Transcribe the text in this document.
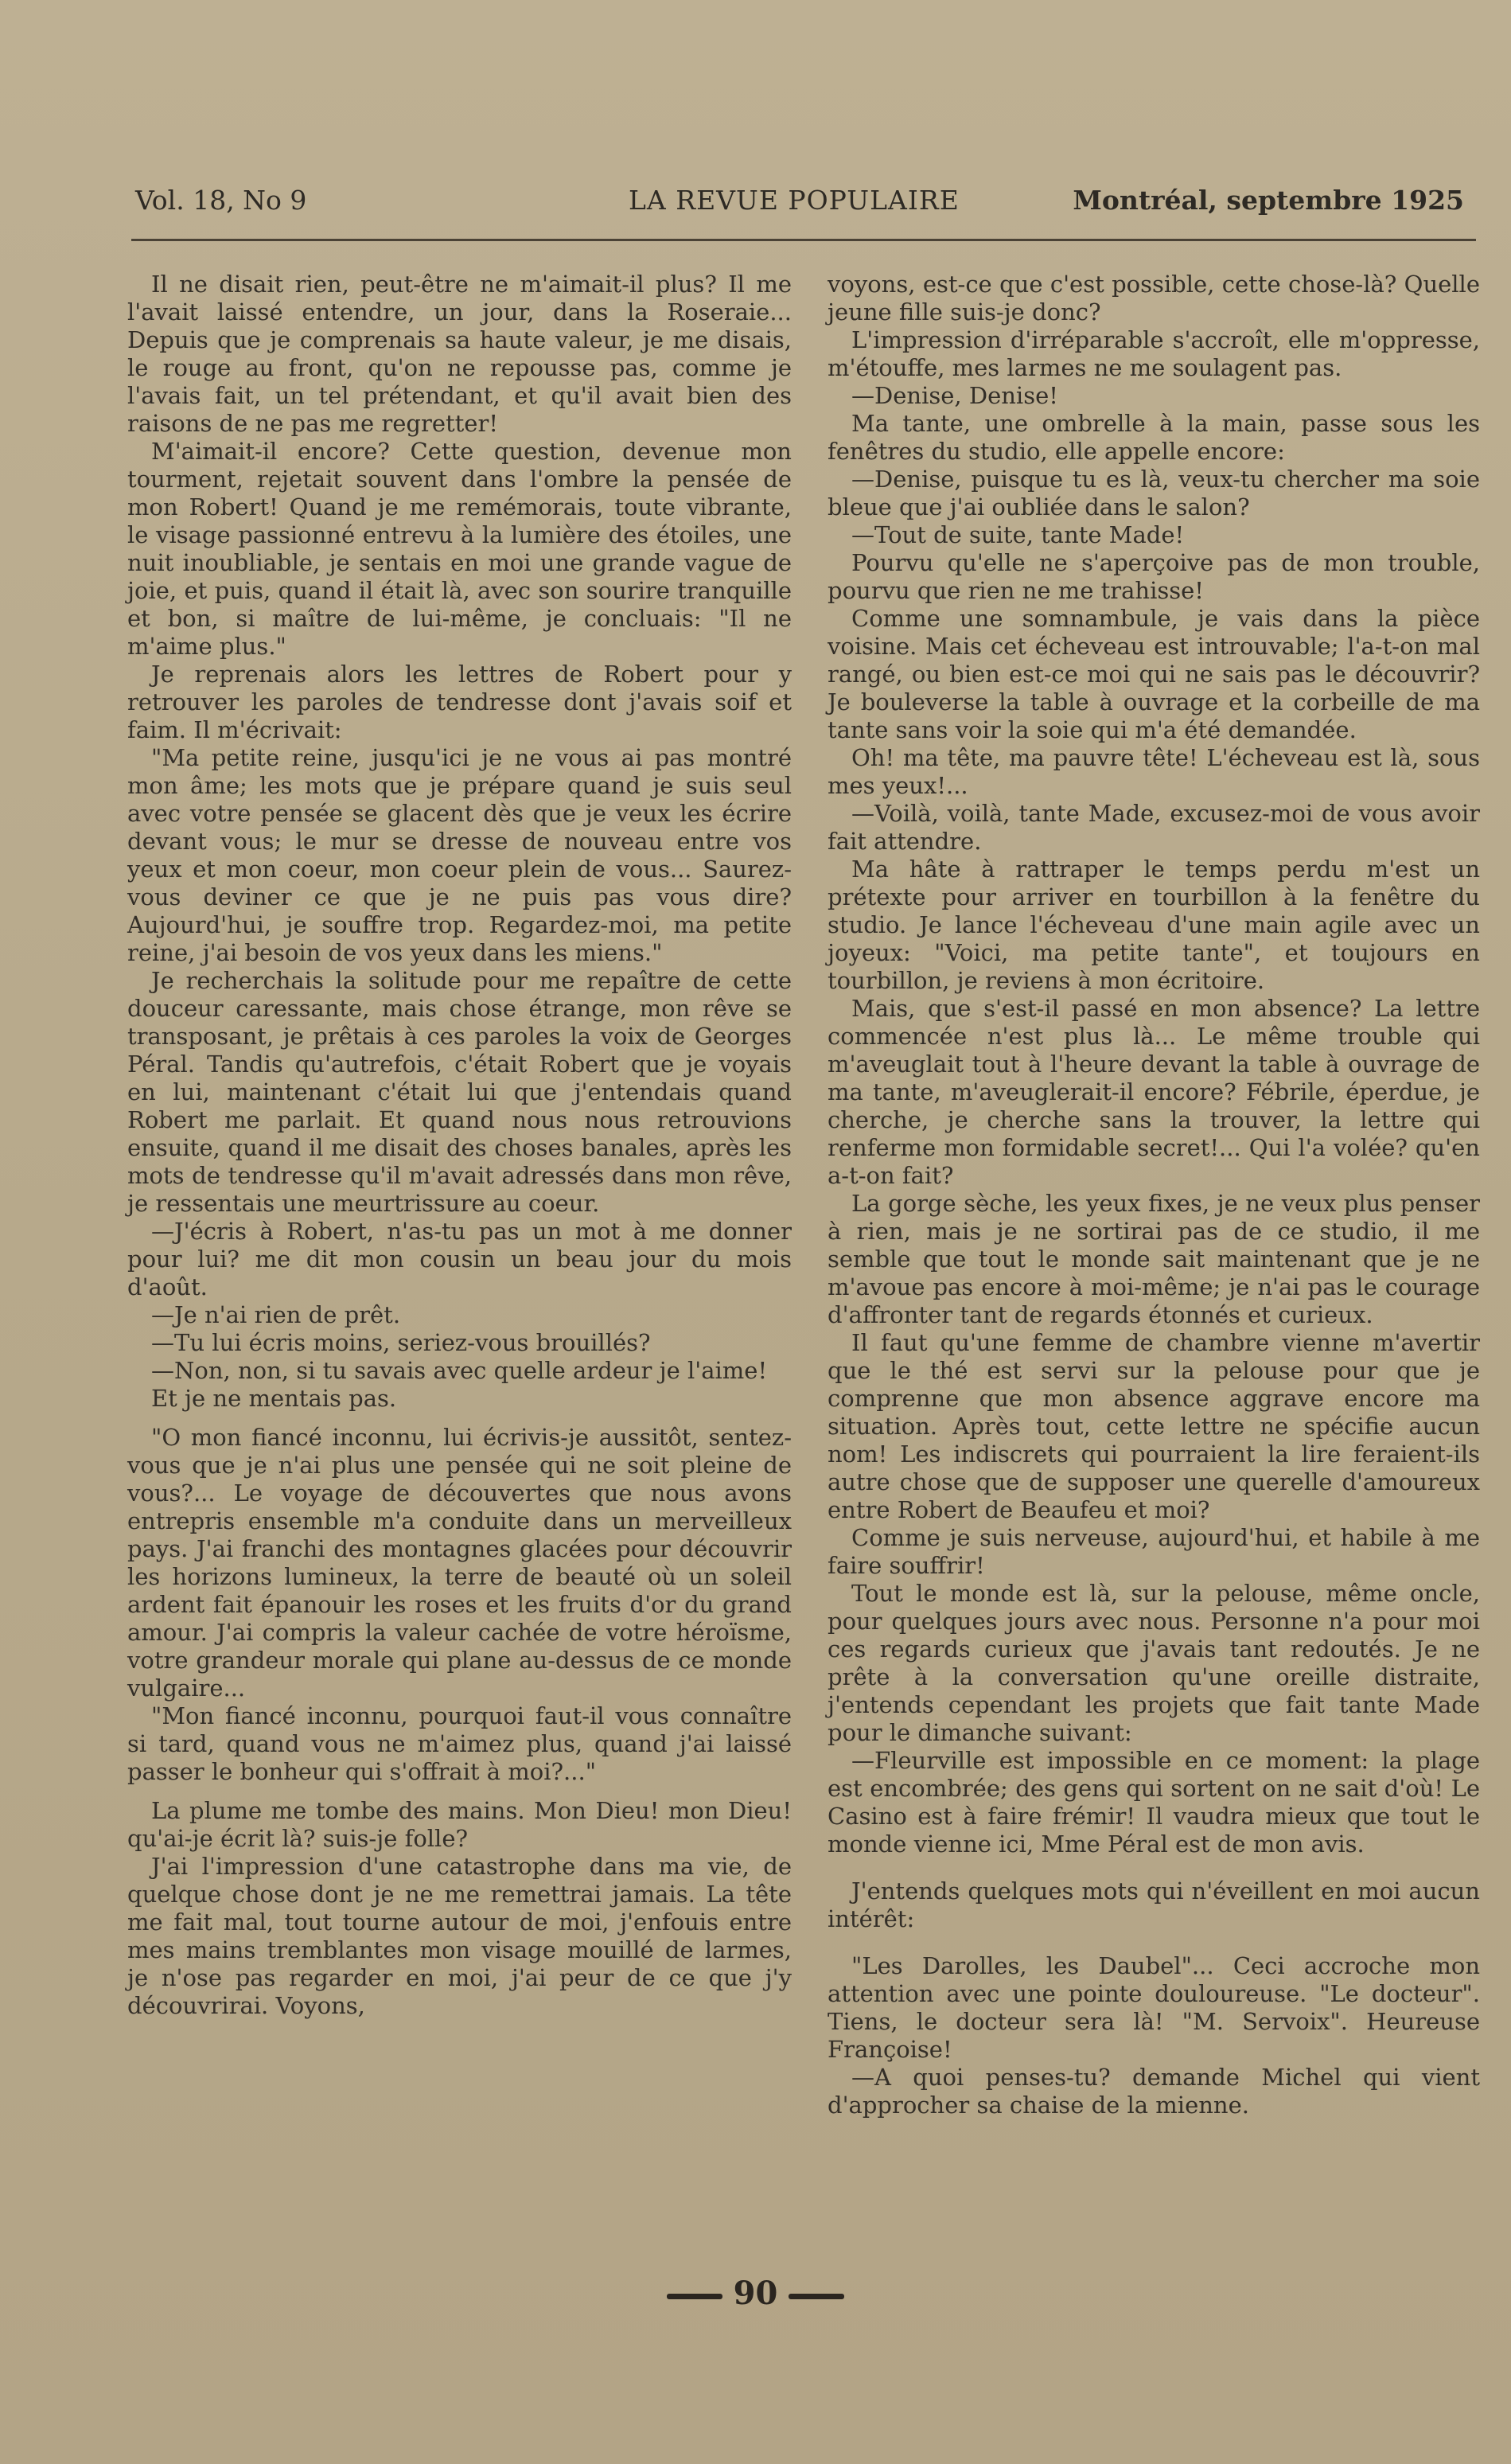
Vol. 18, No 9	LA REVUE POPULAIRE	Montréal, septembre 1925

Il ne disait rien, peut-être ne m'aimait-il plus? Il me l'avait laissé entendre, un jour, dans la Roseraie... Depuis que je comprenais sa haute valeur, je me disais, le rouge au front, qu'on ne repousse pas, comme je l'avais fait, un tel prétendant, et qu'il avait bien des raisons de ne pas me regretter!

M'aimait-il encore? Cette question, devenue mon tourment, rejetait souvent dans l'ombre la pensée de mon Robert! Quand je me remémorais, toute vibrante, le visage passionné entrevu à la lumière des étoiles, une nuit inoubliable, je sentais en moi une grande vague de joie, et puis, quand il était là, avec son sourire tranquille et bon, si maître de lui-même, je concluais: "Il ne m'aime plus."

Je reprenais alors les lettres de Robert pour y retrouver les paroles de tendresse dont j'avais soif et faim. Il m'écrivait:

"Ma petite reine, jusqu'ici je ne vous ai pas montré mon âme; les mots que je prépare quand je suis seul avec votre pensée se glacent dès que je veux les écrire devant vous; le mur se dresse de nouveau entre vos yeux et mon coeur, mon coeur plein de vous... Saurez-vous deviner ce que je ne puis pas vous dire? Aujourd'hui, je souffre trop. Regardez-moi, ma petite reine, j'ai besoin de vos yeux dans les miens."

Je recherchais la solitude pour me repaître de cette douceur caressante, mais chose étrange, mon rêve se transposant, je prêtais à ces paroles la voix de Georges Péral. Tandis qu'autrefois, c'était Robert que je voyais en lui, maintenant c'était lui que j'entendais quand Robert me parlait. Et quand nous nous retrouvions ensuite, quand il me disait des choses banales, après les mots de tendresse qu'il m'avait adressés dans mon rêve, je ressentais une meurtrissure au coeur.

—J'écris à Robert, n'as-tu pas un mot à me donner pour lui? me dit mon cousin un beau jour du mois d'août.

—Je n'ai rien de prêt.

—Tu lui écris moins, seriez-vous brouillés?

—Non, non, si tu savais avec quelle ardeur je l'aime!

Et je ne mentais pas.

"O mon fiancé inconnu, lui écrivis-je aussitôt, sentez-vous que je n'ai plus une pensée qui ne soit pleine de vous?... Le voyage de découvertes que nous avons entrepris ensemble m'a conduite dans un merveilleux pays. J'ai franchi des montagnes glacées pour découvrir les horizons lumineux, la terre de beauté où un soleil ardent fait épanouir les roses et les fruits d'or du grand amour. J'ai compris la valeur cachée de votre héroïsme, votre grandeur morale qui plane au-dessus de ce monde vulgaire...

"Mon fiancé inconnu, pourquoi faut-il vous connaître si tard, quand vous ne m'aimez plus, quand j'ai laissé passer le bonheur qui s'offrait à moi?..."

La plume me tombe des mains. Mon Dieu! mon Dieu! qu'ai-je écrit là? suis-je folle?

J'ai l'impression d'une catastrophe dans ma vie, de quelque chose dont je ne me remettrai jamais. La tête me fait mal, tout tourne autour de moi, j'enfouis entre mes mains tremblantes mon visage mouillé de larmes, je n'ose pas regarder en moi, j'ai peur de ce que j'y découvrirai. Voyons,

voyons, est-ce que c'est possible, cette chose-là? Quelle jeune fille suis-je donc?

L'impression d'irréparable s'accroît, elle m'oppresse, m'étouffe, mes larmes ne me soulagent pas.

—Denise, Denise!

Ma tante, une ombrelle à la main, passe sous les fenêtres du studio, elle appelle encore:

—Denise, puisque tu es là, veux-tu chercher ma soie bleue que j'ai oubliée dans le salon?

—Tout de suite, tante Made!

Pourvu qu'elle ne s'aperçoive pas de mon trouble, pourvu que rien ne me trahisse!

Comme une somnambule, je vais dans la pièce voisine. Mais cet écheveau est introuvable; l'a-t-on mal rangé, ou bien est-ce moi qui ne sais pas le découvrir? Je bouleverse la table à ouvrage et la corbeille de ma tante sans voir la soie qui m'a été demandée.

Oh! ma tête, ma pauvre tête! L'écheveau est là, sous mes yeux!...

—Voilà, voilà, tante Made, excusez-moi de vous avoir fait attendre.

Ma hâte à rattraper le temps perdu m'est un prétexte pour arriver en tourbillon à la fenêtre du studio. Je lance l'écheveau d'une main agile avec un joyeux: "Voici, ma petite tante", et toujours en tourbillon, je reviens à mon écritoire.

Mais, que s'est-il passé en mon absence? La lettre commencée n'est plus là... Le même trouble qui m'aveuglait tout à l'heure devant la table à ouvrage de ma tante, m'aveuglerait-il encore? Fébrile, éperdue, je cherche, je cherche sans la trouver, la lettre qui renferme mon formidable secret!... Qui l'a volée? qu'en a-t-on fait?

La gorge sèche, les yeux fixes, je ne veux plus penser à rien, mais je ne sortirai pas de ce studio, il me semble que tout le monde sait maintenant que je ne m'avoue pas encore à moi-même; je n'ai pas le courage d'affronter tant de regards étonnés et curieux.

Il faut qu'une femme de chambre vienne m'avertir que le thé est servi sur la pelouse pour que je comprenne que mon absence aggrave encore ma situation. Après tout, cette lettre ne spécifie aucun nom! Les indiscrets qui pourraient la lire feraient-ils autre chose que de supposer une querelle d'amoureux entre Robert de Beaufeu et moi?

Comme je suis nerveuse, aujourd'hui, et habile à me faire souffrir!

Tout le monde est là, sur la pelouse, même oncle, pour quelques jours avec nous. Personne n'a pour moi ces regards curieux que j'avais tant redoutés. Je ne prête à la conversation qu'une oreille distraite, j'entends cependant les projets que fait tante Made pour le dimanche suivant:

—Fleurville est impossible en ce moment: la plage est encombrée; des gens qui sortent on ne sait d'où! Le Casino est à faire frémir! Il vaudra mieux que tout le monde vienne ici, Mme Péral est de mon avis.

J'entends quelques mots qui n'éveillent en moi aucun intérêt:

"Les Darolles, les Daubel"... Ceci accroche mon attention avec une pointe douloureuse. "Le docteur". Tiens, le docteur sera là! "M. Servoix". Heureuse Françoise!

—A quoi penses-tu? demande Michel qui vient d'approcher sa chaise de la mienne.

90
